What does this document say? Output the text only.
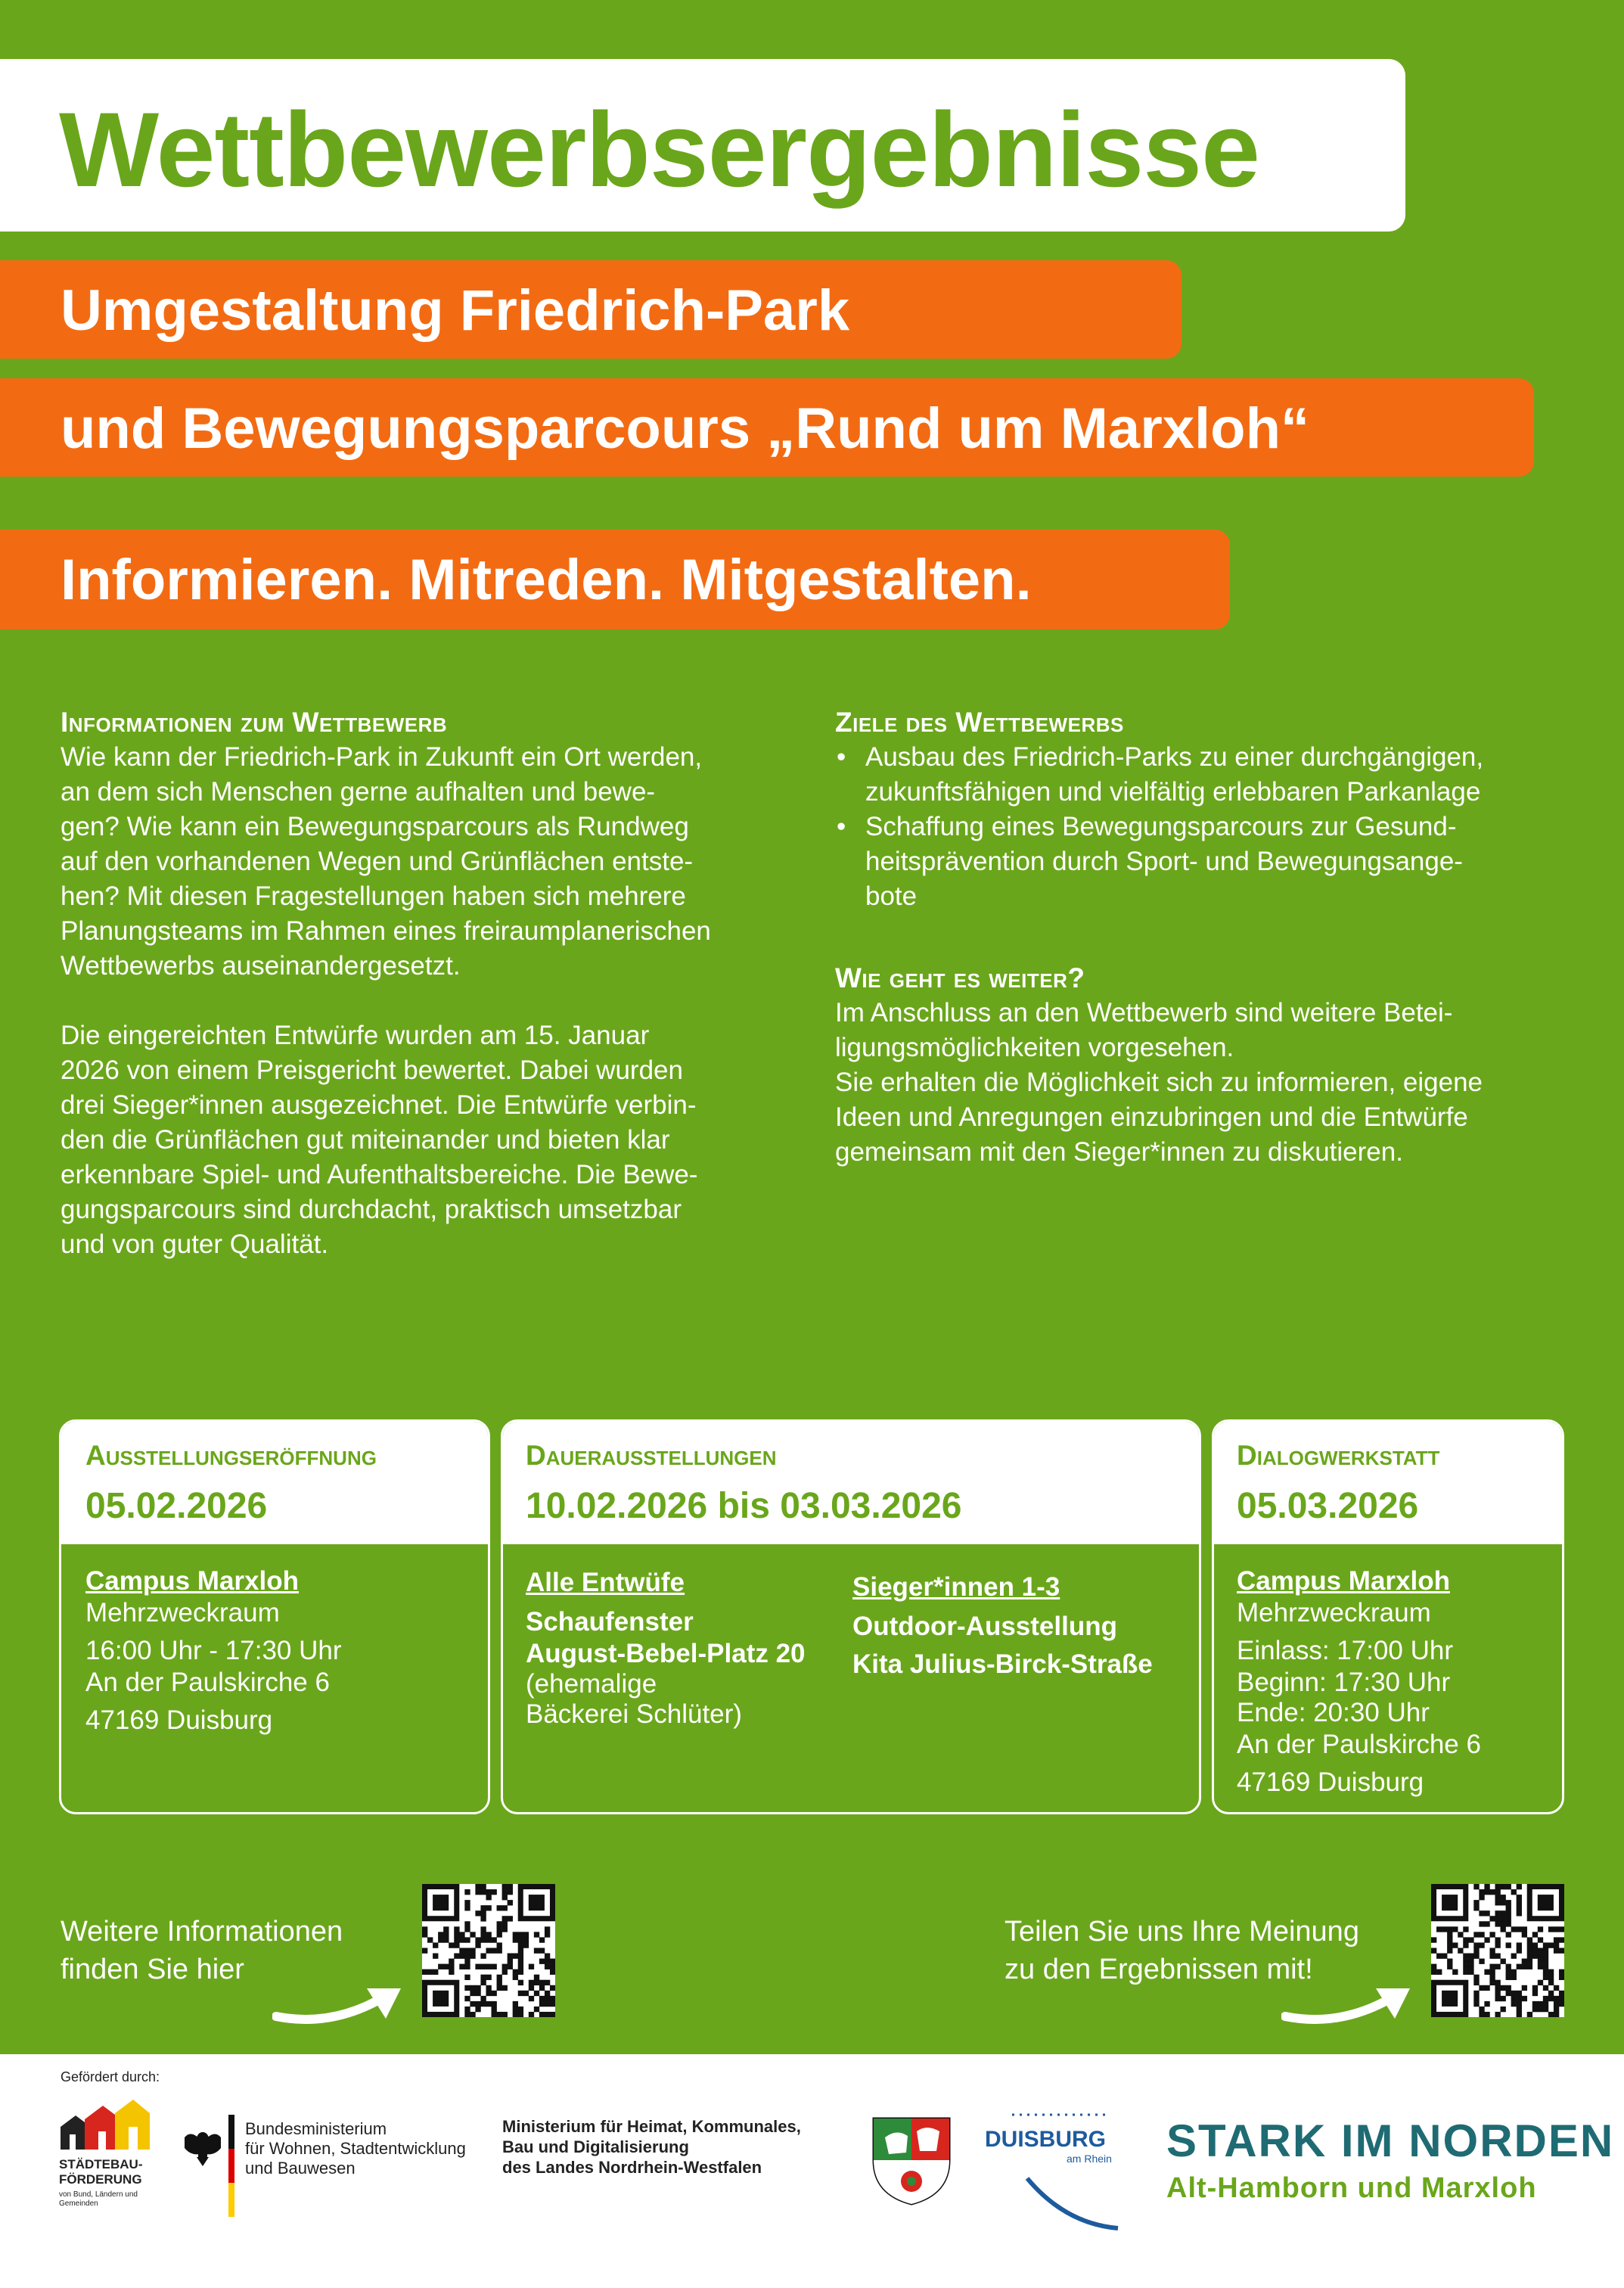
Wettbewerbsergebnisse
Umgestaltung Friedrich-Park
und Bewegungsparcours „Rund um Marxloh“
Informieren. Mitreden. Mitgestalten.
Informationen zum Wettbewerb
Wie kann der Friedrich-Park in Zukunft ein Ort werden,
an dem sich Menschen gerne aufhalten und bewe-
gen? Wie kann ein Bewegungsparcours als Rundweg
auf den vorhandenen Wegen und Grünflächen entste-
hen? Mit diesen Fragestellungen haben sich mehrere
Planungsteams im Rahmen eines freiraumplanerischen
Wettbewerbs auseinandergesetzt.
Die eingereichten Entwürfe wurden am 15. Januar
2026 von einem Preisgericht bewertet. Dabei wurden
drei Sieger*innen ausgezeichnet. Die Entwürfe verbin-
den die Grünflächen gut miteinander und bieten klar
erkennbare Spiel- und Aufenthaltsbereiche. Die Bewe-
gungsparcours sind durchdacht, praktisch umsetzbar
und von guter Qualität.
Ziele des Wettbewerbs
• Ausbau des Friedrich-Parks zu einer durchgängigen,
zukunftsfähigen und vielfältig erlebbaren Parkanlage
• Schaffung eines Bewegungsparcours zur Gesund-
heitsprävention durch Sport- und Bewegungsange-
bote
Wie geht es weiter?
Im Anschluss an den Wettbewerb sind weitere Betei-
ligungsmöglichkeiten vorgesehen.
Sie erhalten die Möglichkeit sich zu informieren, eigene
Ideen und Anregungen einzubringen und die Entwürfe
gemeinsam mit den Sieger*innen zu diskutieren.
Ausstellungseröffnung
05.02.2026
Campus Marxloh
Mehrzweckraum
16:00 Uhr - 17:30 Uhr
An der Paulskirche 6
47169 Duisburg
Dauerausstellungen
10.02.2026 bis 03.03.2026
Alle Entwüfe
Schaufenster
August-Bebel-Platz 20
(ehemalige
Bäckerei Schlüter)
Sieger*innen 1-3
Outdoor-Ausstellung
Kita Julius-Birck-Straße
Dialogwerkstatt
05.03.2026
Campus Marxloh
Mehrzweckraum
Einlass: 17:00 Uhr
Beginn: 17:30 Uhr
Ende: 20:30 Uhr
An der Paulskirche 6
47169 Duisburg
Weitere Informationen
finden Sie hier
Teilen Sie uns Ihre Meinung
zu den Ergebnissen mit!
Gefördert durch:
STÄDTEBAU-
FÖRDERUNG
von Bund, Ländern und
Gemeinden
Bundesministerium
für Wohnen, Stadtentwicklung
und Bauwesen
Ministerium für Heimat, Kommunales,
Bau und Digitalisierung
des Landes Nordrhein-Westfalen
DUISBURG
am Rhein STARK IM NORDEN
Alt-Hamborn und Marxloh
